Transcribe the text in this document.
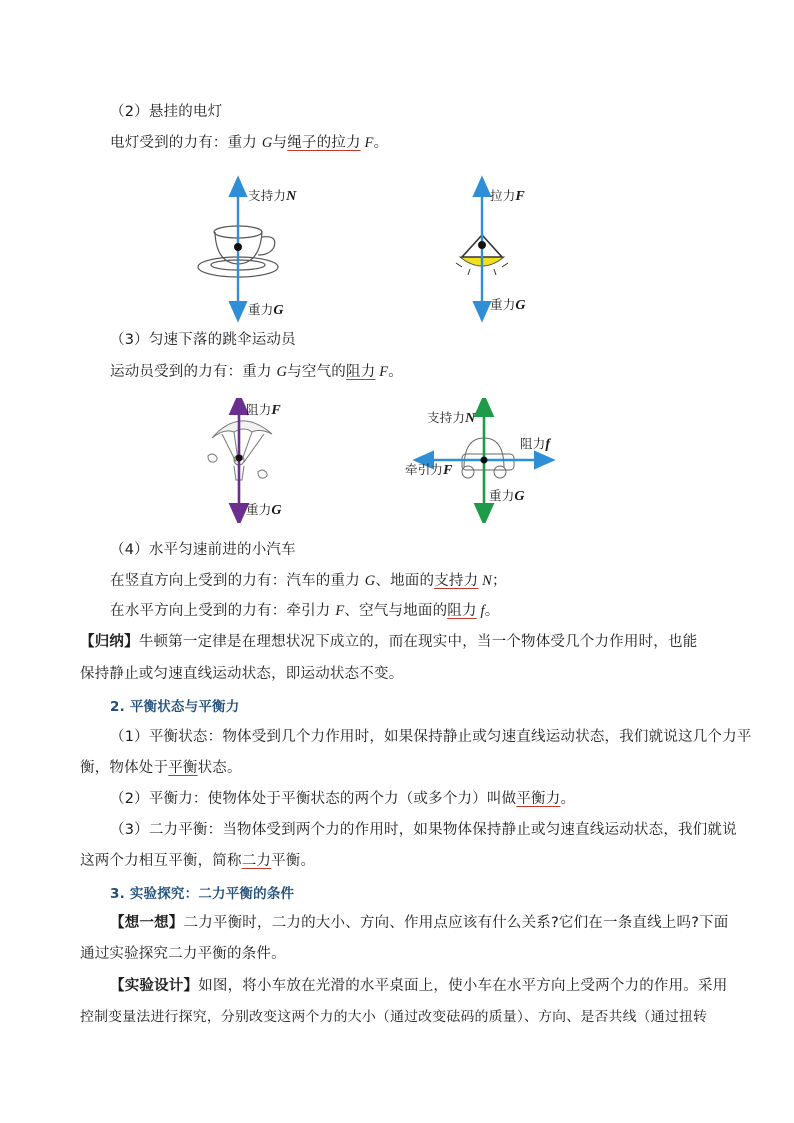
（2）悬挂的电灯
电灯受到的力有：重力 G与绳子的拉力 F。
支持力N
重力G
拉力F
重力G
（3）匀速下落的跳伞运动员
运动员受到的力有：重力 G与空气的阻力 F。
阻力F
重力G
支持力N
阻力f
牵引力F
重力G
（4）水平匀速前进的小汽车
在竖直方向上受到的力有：汽车的重力 G、地面的支持力 N；
在水平方向上受到的力有：牵引力 F、空气与地面的阻力 f。
【归纳】牛顿第一定律是在理想状况下成立的，而在现实中，当一个物体受几个力作用时，也能
保持静止或匀速直线运动状态，即运动状态不变。
2. 平衡状态与平衡力
（1）平衡状态：物体受到几个力作用时，如果保持静止或匀速直线运动状态，我们就说这几个力平
衡，物体处于平衡状态。
（2）平衡力：使物体处于平衡状态的两个力（或多个力）叫做平衡力。
（3）二力平衡：当物体受到两个力的作用时，如果物体保持静止或匀速直线运动状态，我们就说
这两个力相互平衡，简称二力平衡。
3. 实验探究：二力平衡的条件
【想一想】二力平衡时，二力的大小、方向、作用点应该有什么关系?它们在一条直线上吗?下面
通过实验探究二力平衡的条件。
【实验设计】如图，将小车放在光滑的水平桌面上，使小车在水平方向上受两个力的作用。采用
控制变量法进行探究，分别改变这两个力的大小（通过改变砝码的质量）、方向、是否共线（通过扭转
